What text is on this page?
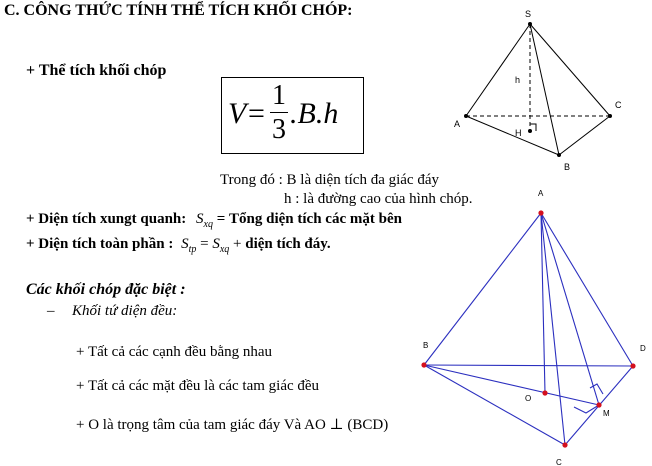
C. CÔNG THỨC TÍNH THỂ TÍCH KHỐI CHÓP:
+ Thể tích khối chóp
V =
1
3 .B.h
Trong đó : B là diện tích đa giác đáy
h : là đường cao của hình chóp.
+ Diện tích xungt quanh: $S_{xq}$ = Tổng diện tích các mặt bên
+ Diện tích toàn phần : $S_{tp} = S_{xq}$ + diện tích đáy.
Các khối chóp đặc biệt :
– Khối tứ diện đều:
+ Tất cả các cạnh đều bằng nhau
+ Tất cả các mặt đều là các tam giác đều
+ O là trọng tâm của tam giác đáy Và AO ⊥ (BCD)
S
h
A
B
C
H
A
B
C
D
O
M
